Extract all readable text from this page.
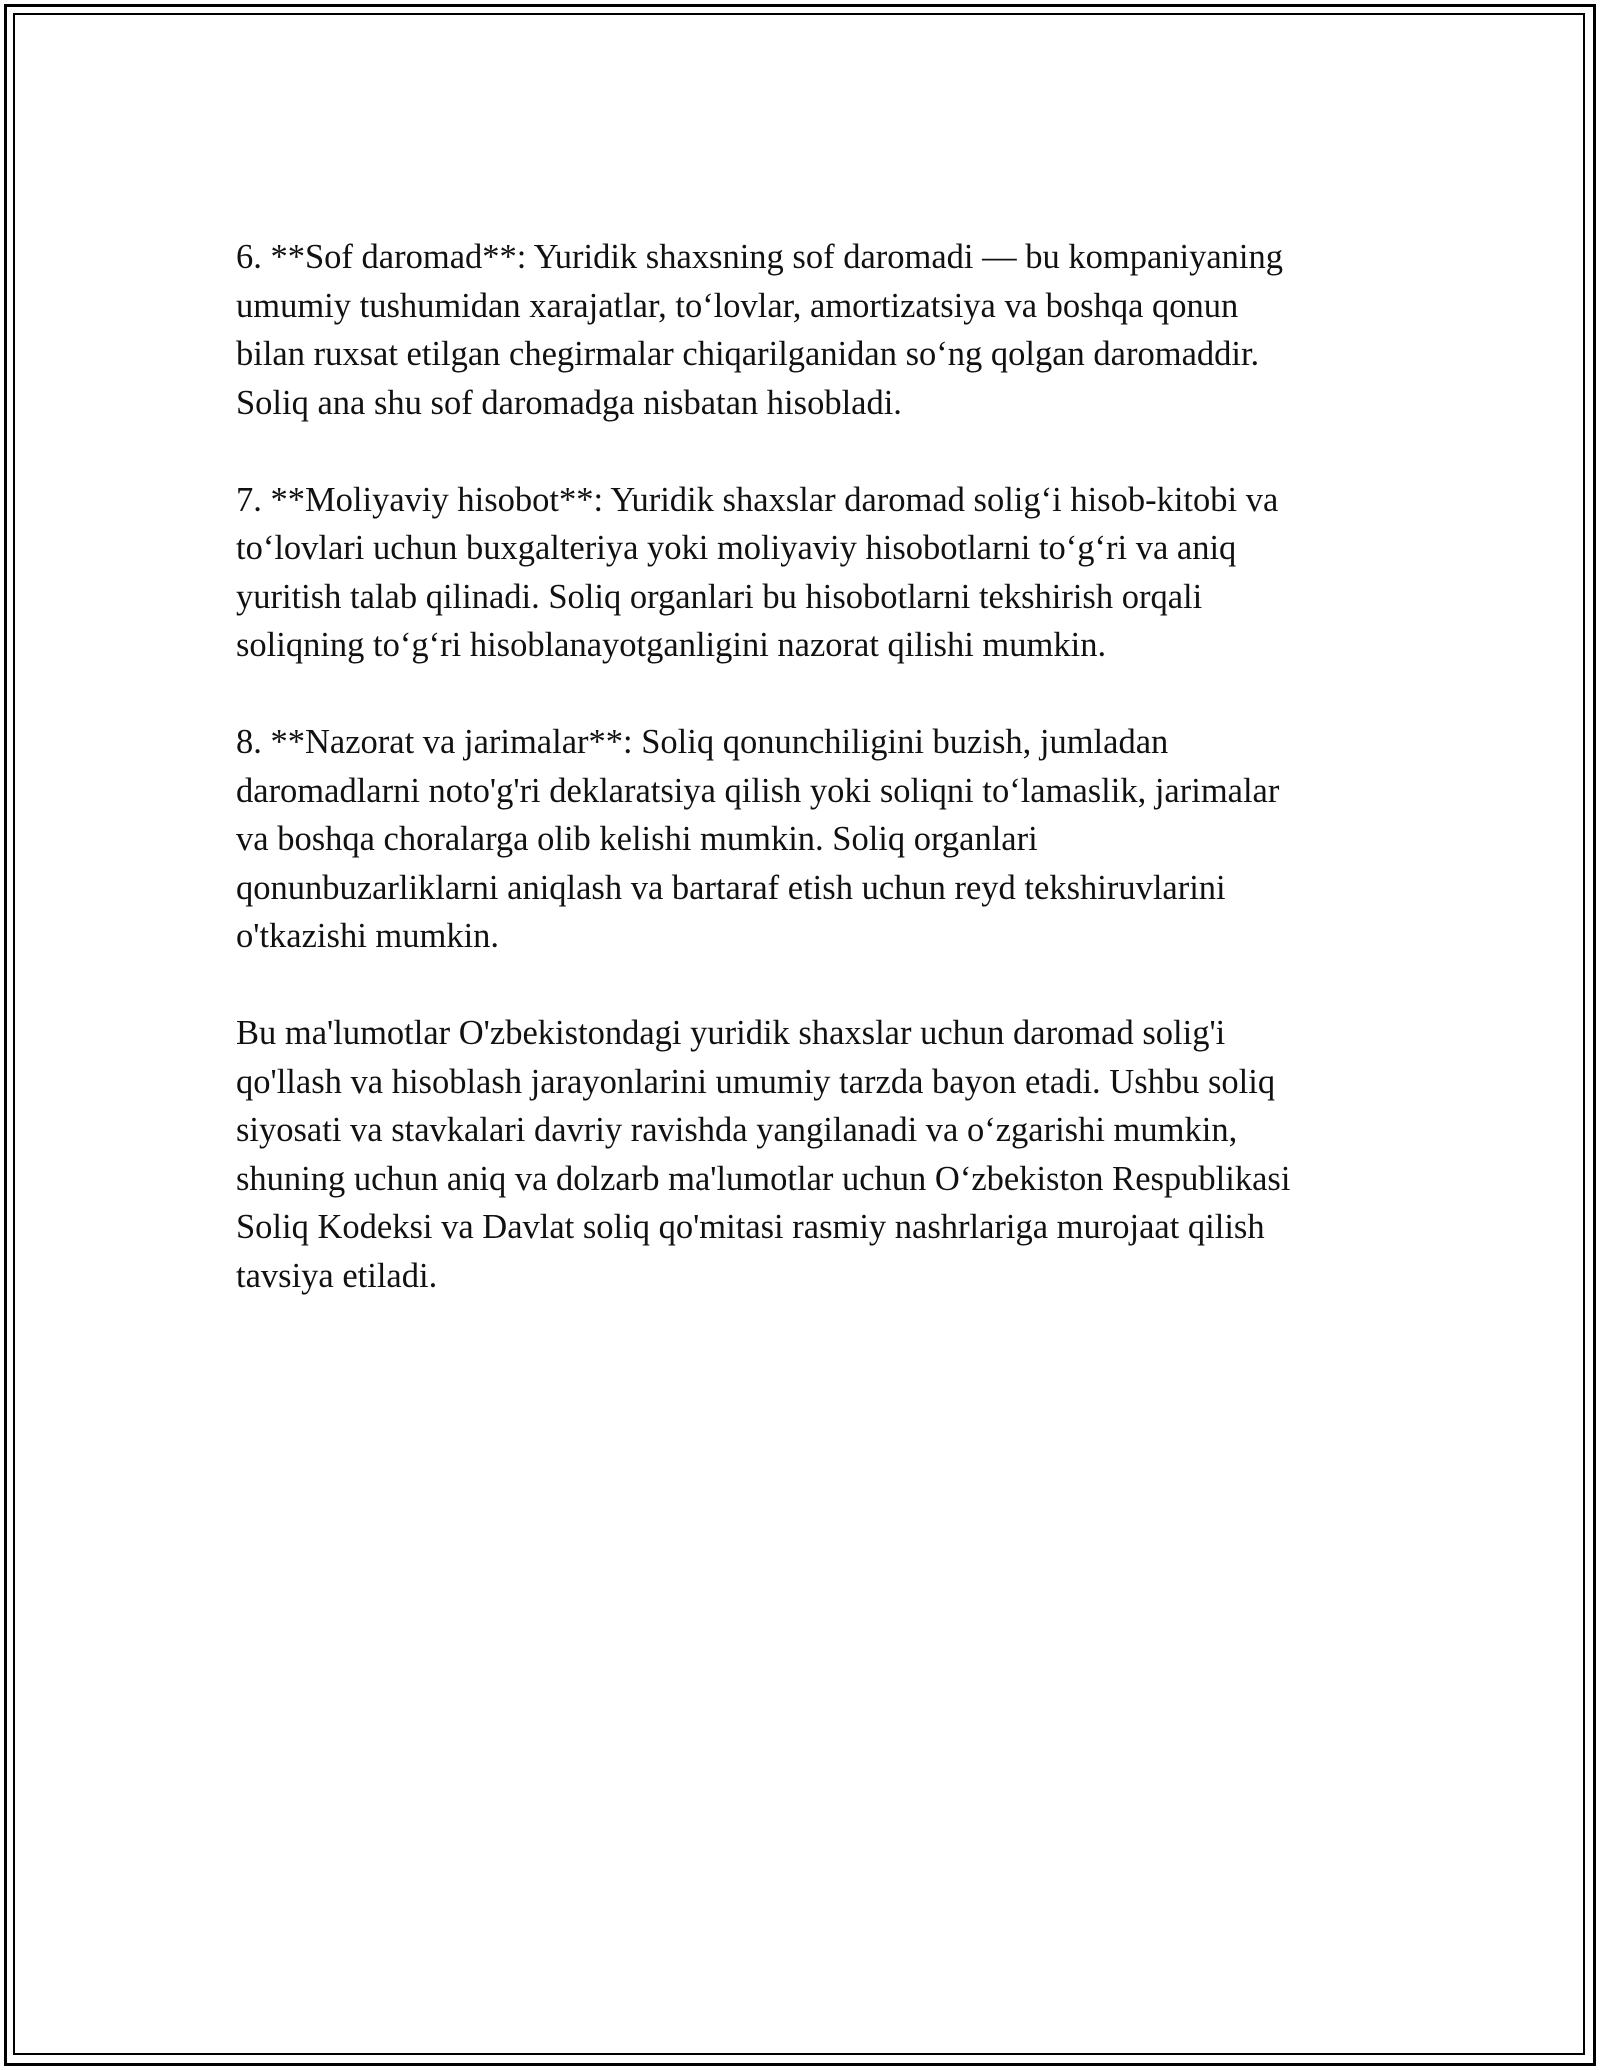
6. **Sof daromad**: Yuridik shaxsning sof daromadi — bu kompaniyaning
umumiy tushumidan xarajatlar, to‘lovlar, amortizatsiya va boshqa qonun
bilan ruxsat etilgan chegirmalar chiqarilganidan so‘ng qolgan daromaddir.
Soliq ana shu sof daromadga nisbatan hisobladi.

7. **Moliyaviy hisobot**: Yuridik shaxslar daromad solig‘i hisob-kitobi va
to‘lovlari uchun buxgalteriya yoki moliyaviy hisobotlarni to‘g‘ri va aniq
yuritish talab qilinadi. Soliq organlari bu hisobotlarni tekshirish orqali
soliqning to‘g‘ri hisoblanayotganligini nazorat qilishi mumkin.

8. **Nazorat va jarimalar**: Soliq qonunchiligini buzish, jumladan
daromadlarni noto'g'ri deklaratsiya qilish yoki soliqni to‘lamaslik, jarimalar
va boshqa choralarga olib kelishi mumkin. Soliq organlari
qonunbuzarliklarni aniqlash va bartaraf etish uchun reyd tekshiruvlarini
o'tkazishi mumkin.

Bu ma'lumotlar O'zbekistondagi yuridik shaxslar uchun daromad solig'i
qo'llash va hisoblash jarayonlarini umumiy tarzda bayon etadi. Ushbu soliq
siyosati va stavkalari davriy ravishda yangilanadi va o‘zgarishi mumkin,
shuning uchun aniq va dolzarb ma'lumotlar uchun O‘zbekiston Respublikasi
Soliq Kodeksi va Davlat soliq qo'mitasi rasmiy nashrlariga murojaat qilish
tavsiya etiladi.
